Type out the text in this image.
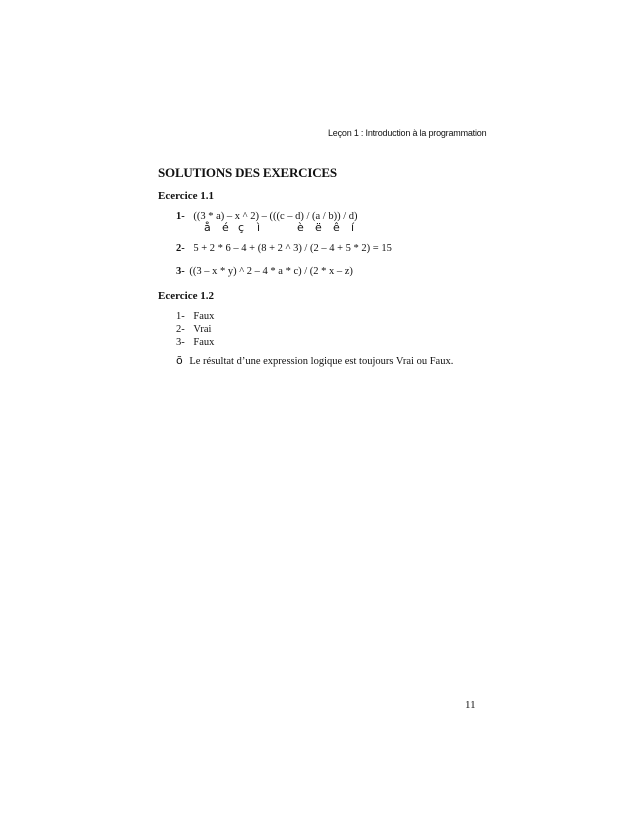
Leçon 1 : Introduction à la programmation
SOLUTIONS DES EXERCICES
Ecercice 1.1
1- ((3 * a) – x ^ 2) – (((c – d) / (a / b)) / d)
å é ç ì	è ë ê í
2- 5 + 2 * 6 – 4 + (8 + 2 ^ 3) / (2 – 4 + 5 * 2) = 15
3- ((3 – x * y) ^ 2 – 4 * a * c) / (2 * x – z)
Ecercice 1.2
1- Faux
2- Vrai
3- Faux
õ Le résultat d’une expression logique est toujours Vrai ou Faux.
11
